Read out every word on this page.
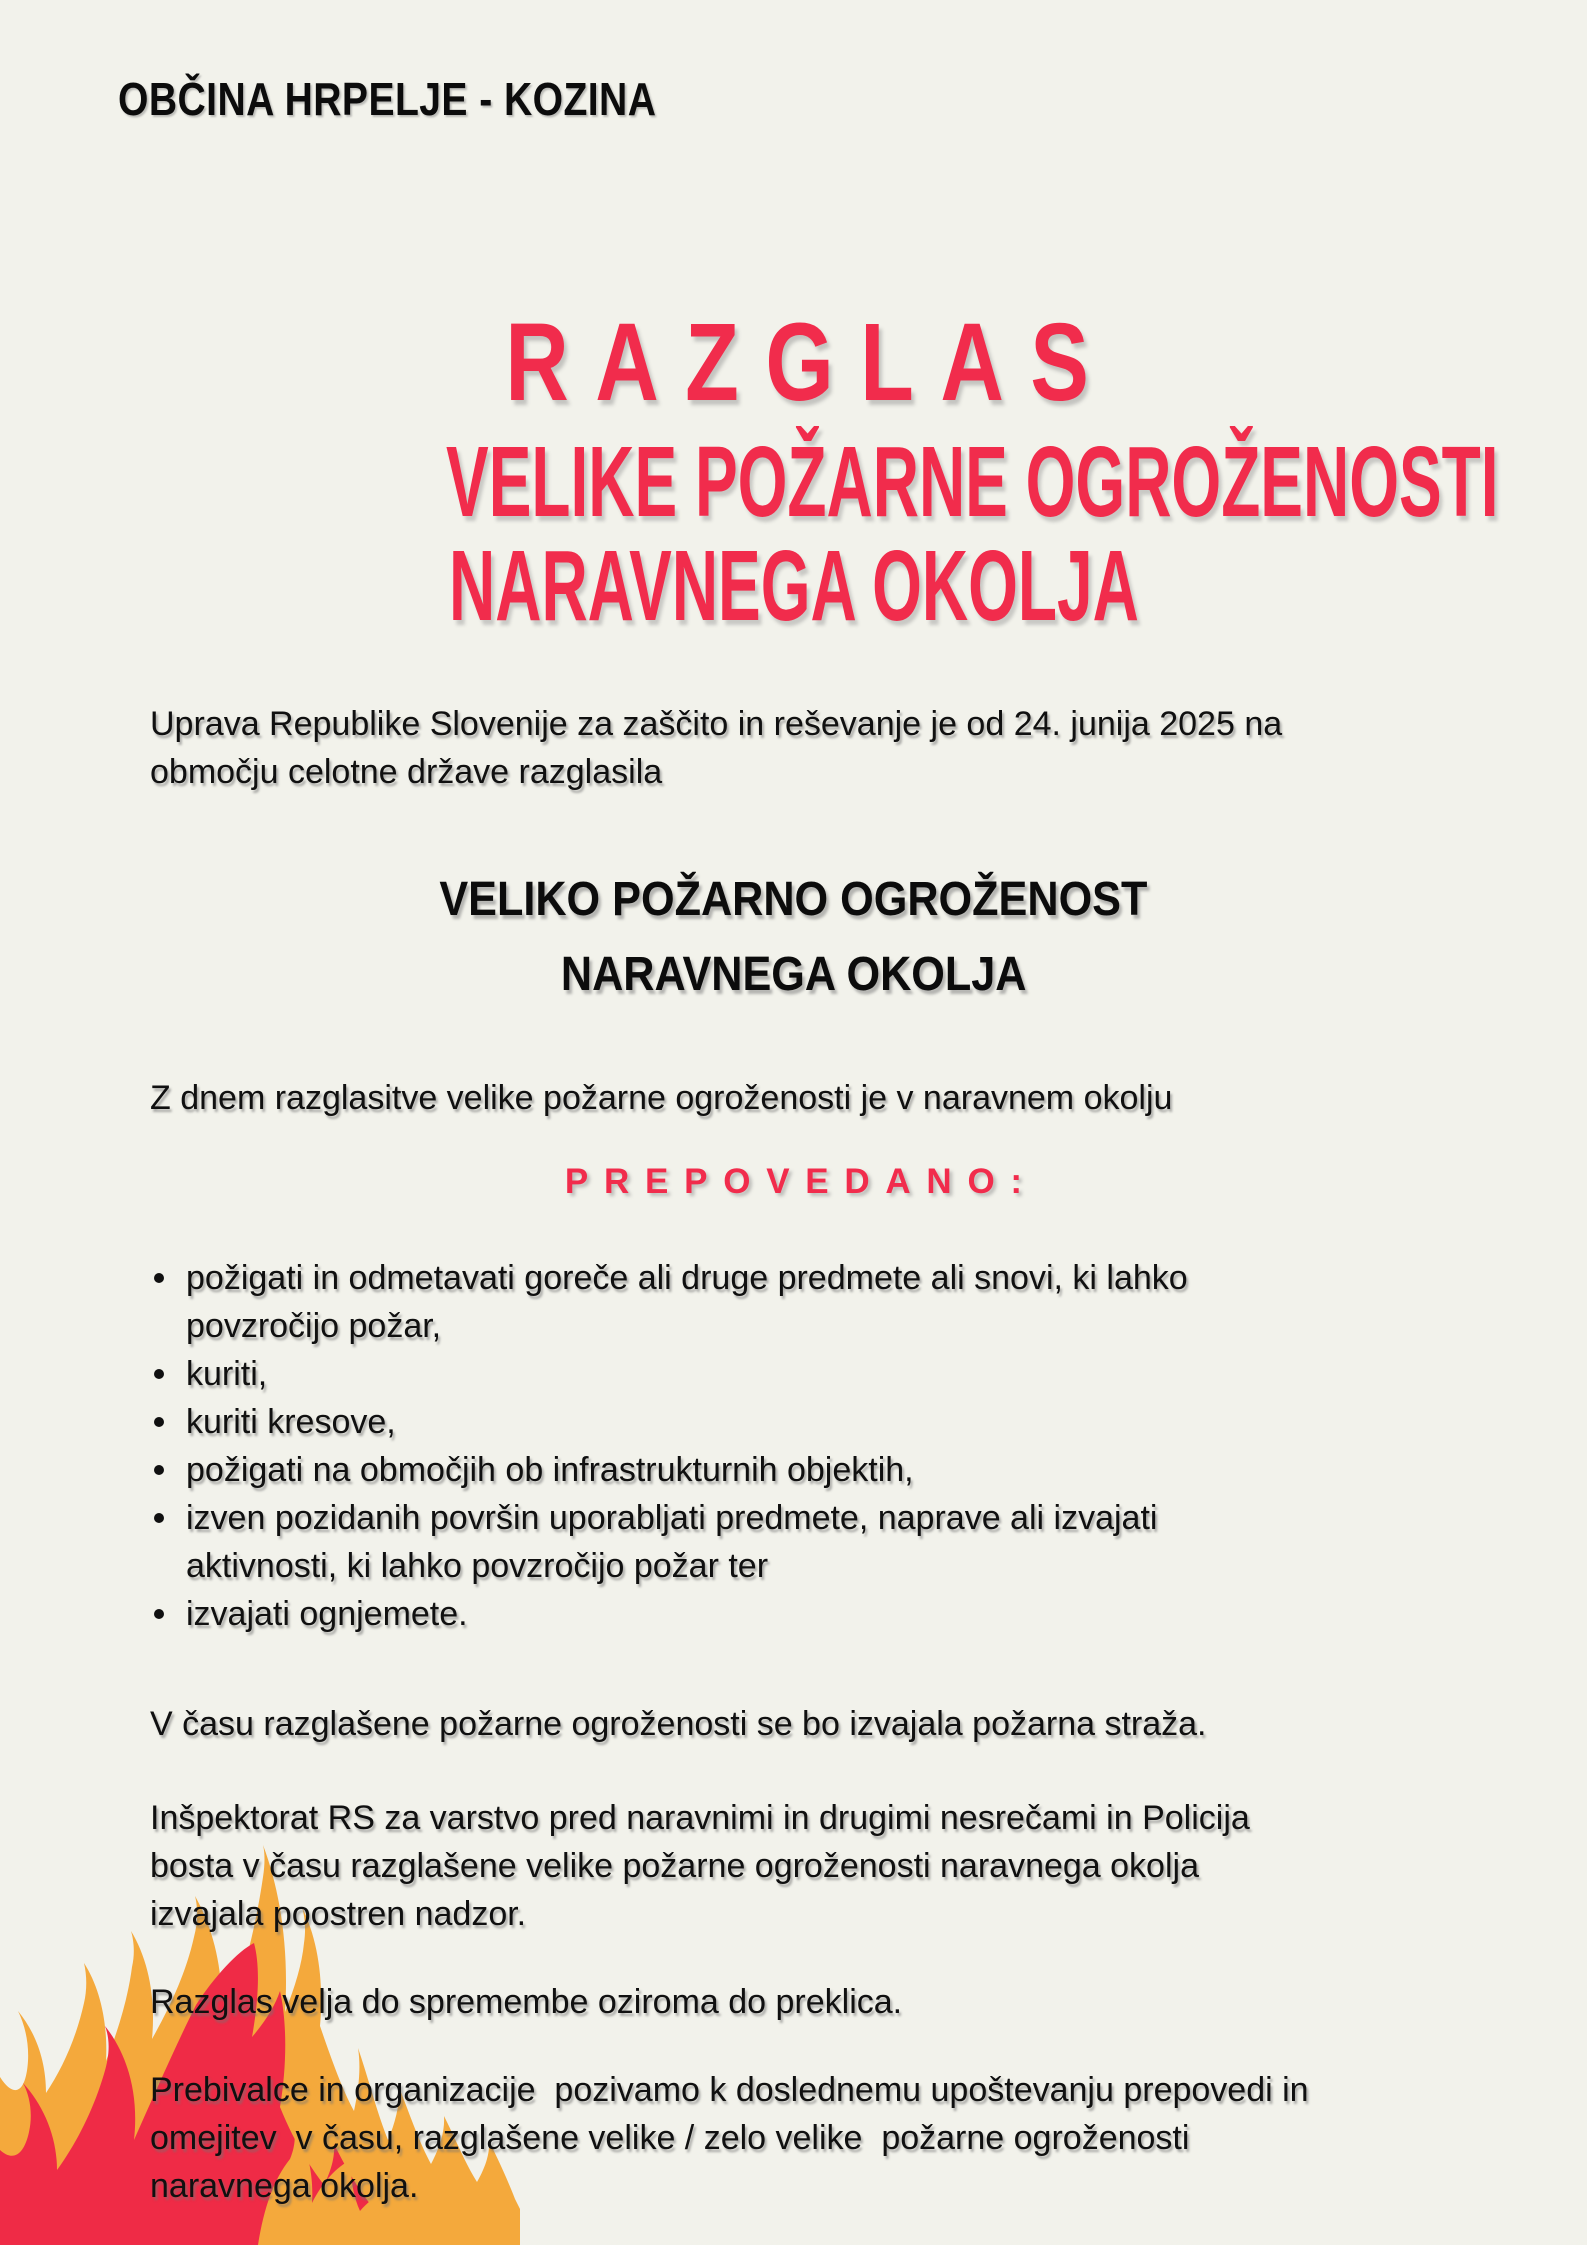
OBČINA HRPELJE - KOZINA
RAZGLAS
VELIKE POŽARNE OGROŽENOSTI
NARAVNEGA OKOLJA
Uprava Republike Slovenije za zaščito in reševanje je od 24. junija 2025 na
območju celotne države razglasila
VELIKO POŽARNO OGROŽENOST
NARAVNEGA OKOLJA
Z dnem razglasitve velike požarne ogroženosti je v naravnem okolju
PREPOVEDANO:
požigati in odmetavati goreče ali druge predmete ali snovi, ki lahko
povzročijo požar,
kuriti,
kuriti kresove,
požigati na območjih ob infrastrukturnih objektih,
izven pozidanih površin uporabljati predmete, naprave ali izvajati
aktivnosti, ki lahko povzročijo požar ter
izvajati ognjemete.
V času razglašene požarne ogroženosti se bo izvajala požarna straža.
Inšpektorat RS za varstvo pred naravnimi in drugimi nesrečami in Policija
bosta v času razglašene velike požarne ogroženosti naravnega okolja
izvajala poostren nadzor.
Razglas velja do spremembe oziroma do preklica.
Prebivalce in organizacije  pozivamo k doslednemu upoštevanju prepovedi in
omejitev  v času, razglašene velike / zelo velike  požarne ogroženosti
naravnega okolja.
